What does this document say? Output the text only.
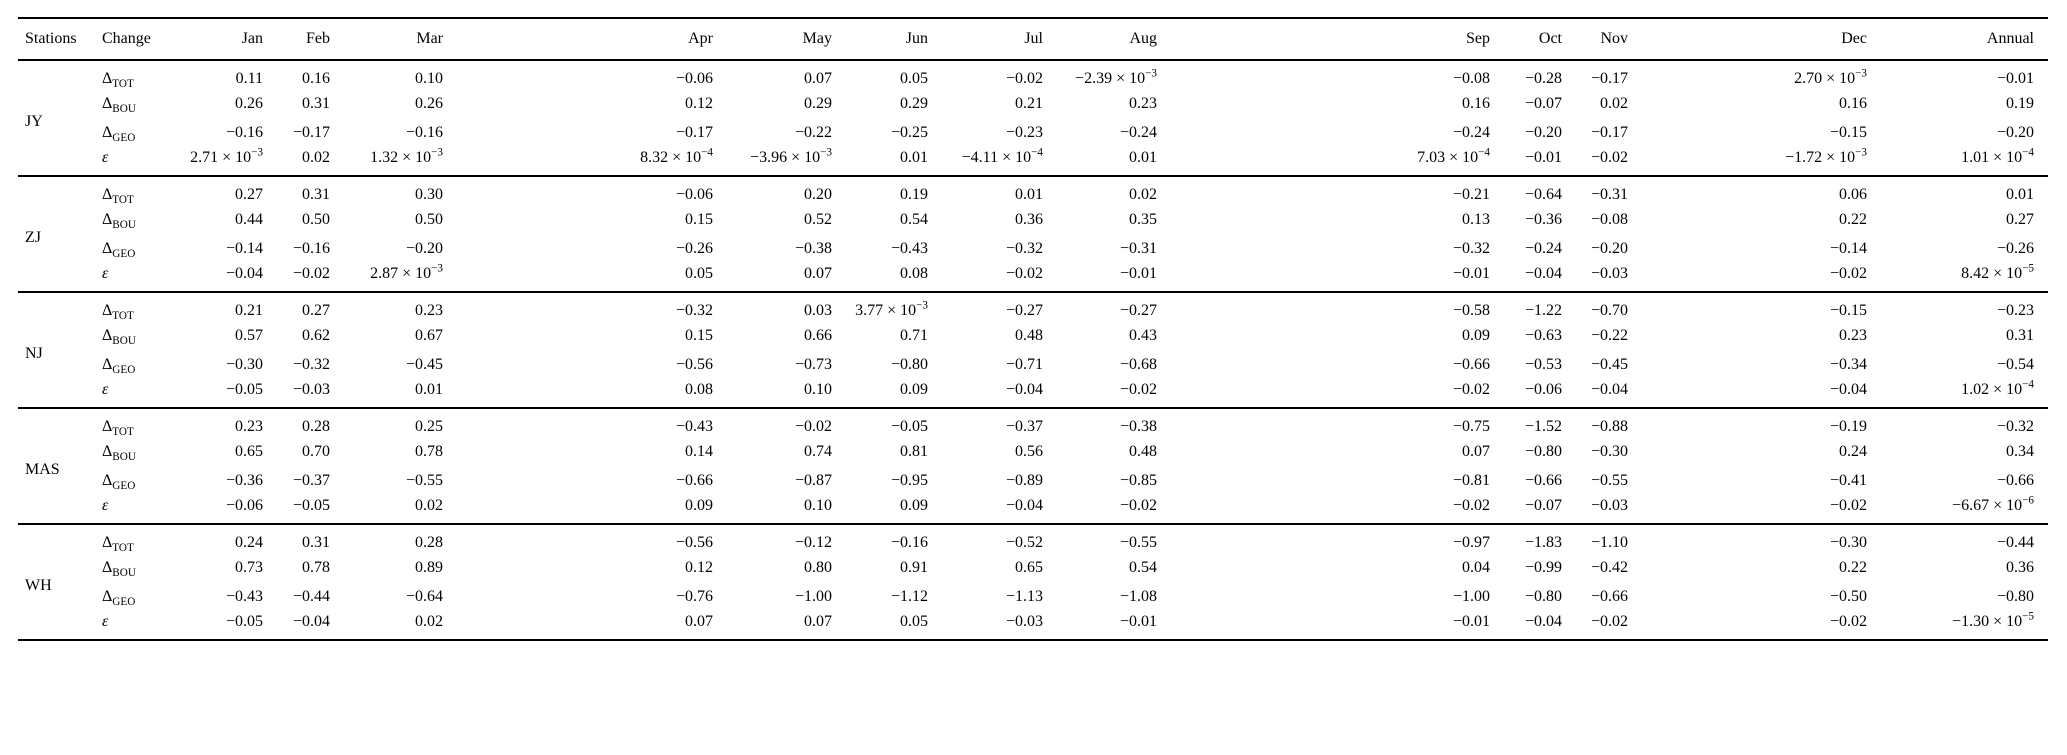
Stations	Change	Jan	Feb	Mar	Apr	May	Jun	Jul	Aug	Sep	Oct	Nov	Dec	Annual
JY	$\Delta_{TOT}$	0.11	0.16	0.10	−0.06	0.07	0.05	−0.02	$-2.39 \times 10^{-3}$	−0.08	−0.28	−0.17	$2.70 \times 10^{-3}$	−0.01
	$\Delta_{BOU}$	0.26	0.31	0.26	0.12	0.29	0.29	0.21	0.23	0.16	−0.07	0.02	0.16	0.19
	$\Delta_{GEO}$	−0.16	−0.17	−0.16	−0.17	−0.22	−0.25	−0.23	−0.24	−0.24	−0.20	−0.17	−0.15	−0.20
	ε	$2.71 \times 10^{-3}$	0.02	$1.32 \times 10^{-3}$	$8.32 \times 10^{-4}$	$-3.96 \times 10^{-3}$	0.01	$-4.11 \times 10^{-4}$	0.01	$7.03 \times 10^{-4}$	−0.01	−0.02	$-1.72 \times 10^{-3}$	$1.01 \times 10^{-4}$
ZJ	$\Delta_{TOT}$	0.27	0.31	0.30	−0.06	0.20	0.19	0.01	0.02	−0.21	−0.64	−0.31	0.06	0.01
	$\Delta_{BOU}$	0.44	0.50	0.50	0.15	0.52	0.54	0.36	0.35	0.13	−0.36	−0.08	0.22	0.27
	$\Delta_{GEO}$	−0.14	−0.16	−0.20	−0.26	−0.38	−0.43	−0.32	−0.31	−0.32	−0.24	−0.20	−0.14	−0.26
	ε	−0.04	−0.02	$2.87 \times 10^{-3}$	0.05	0.07	0.08	−0.02	−0.01	−0.01	−0.04	−0.03	−0.02	$8.42 \times 10^{-5}$
NJ	$\Delta_{TOT}$	0.21	0.27	0.23	−0.32	0.03	$3.77 \times 10^{-3}$	−0.27	−0.27	−0.58	−1.22	−0.70	−0.15	−0.23
	$\Delta_{BOU}$	0.57	0.62	0.67	0.15	0.66	0.71	0.48	0.43	0.09	−0.63	−0.22	0.23	0.31
	$\Delta_{GEO}$	−0.30	−0.32	−0.45	−0.56	−0.73	−0.80	−0.71	−0.68	−0.66	−0.53	−0.45	−0.34	−0.54
	ε	−0.05	−0.03	0.01	0.08	0.10	0.09	−0.04	−0.02	−0.02	−0.06	−0.04	−0.04	$1.02 \times 10^{-4}$
MAS	$\Delta_{TOT}$	0.23	0.28	0.25	−0.43	−0.02	−0.05	−0.37	−0.38	−0.75	−1.52	−0.88	−0.19	−0.32
	$\Delta_{BOU}$	0.65	0.70	0.78	0.14	0.74	0.81	0.56	0.48	0.07	−0.80	−0.30	0.24	0.34
	$\Delta_{GEO}$	−0.36	−0.37	−0.55	−0.66	−0.87	−0.95	−0.89	−0.85	−0.81	−0.66	−0.55	−0.41	−0.66
	ε	−0.06	−0.05	0.02	0.09	0.10	0.09	−0.04	−0.02	−0.02	−0.07	−0.03	−0.02	$-6.67 \times 10^{-6}$
WH	$\Delta_{TOT}$	0.24	0.31	0.28	−0.56	−0.12	−0.16	−0.52	−0.55	−0.97	−1.83	−1.10	−0.30	−0.44
	$\Delta_{BOU}$	0.73	0.78	0.89	0.12	0.80	0.91	0.65	0.54	0.04	−0.99	−0.42	0.22	0.36
	$\Delta_{GEO}$	−0.43	−0.44	−0.64	−0.76	−1.00	−1.12	−1.13	−1.08	−1.00	−0.80	−0.66	−0.50	−0.80
	ε	−0.05	−0.04	0.02	0.07	0.07	0.05	−0.03	−0.01	−0.01	−0.04	−0.02	−0.02	$-1.30 \times 10^{-5}$
